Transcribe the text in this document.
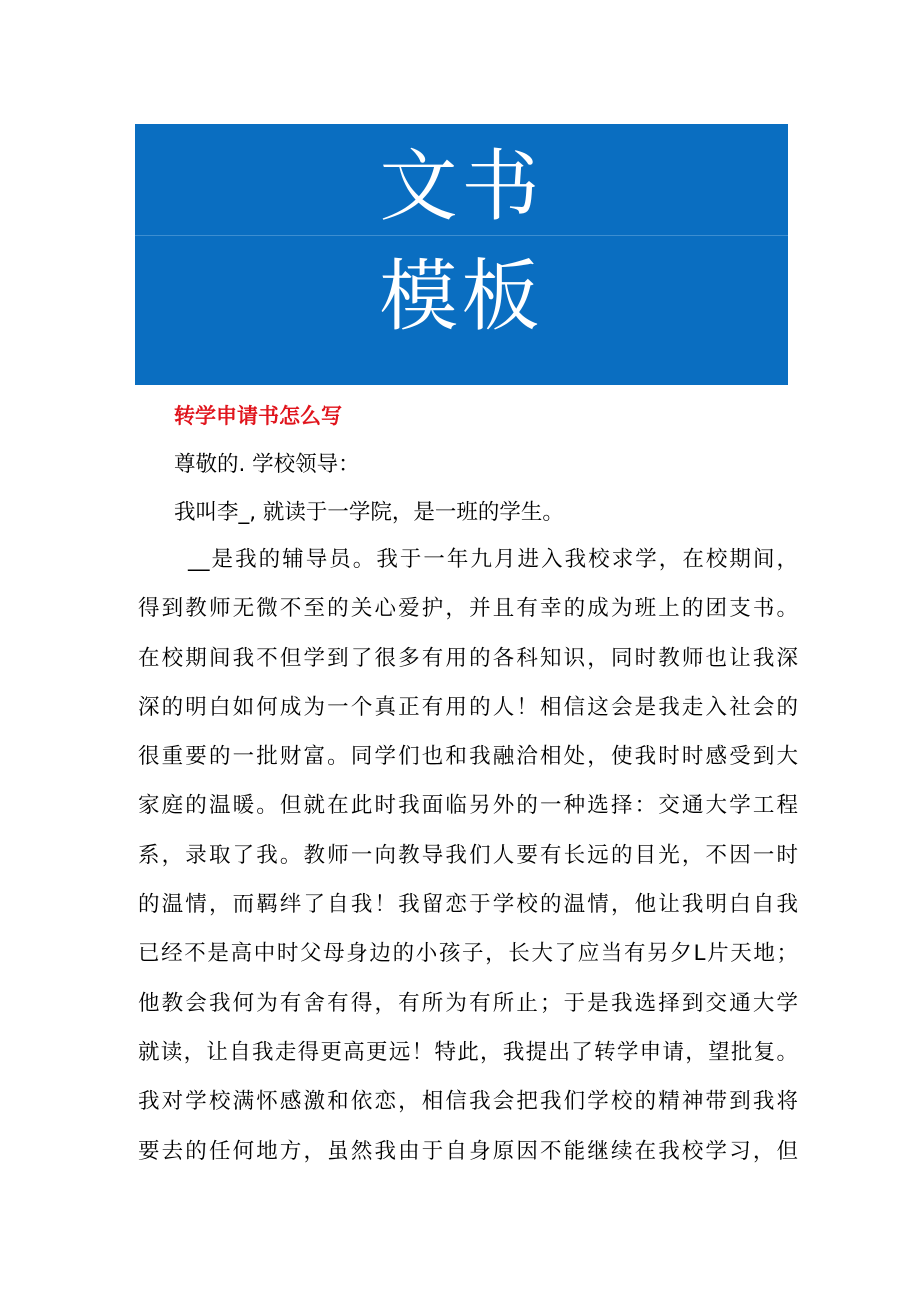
文书
模板
转学申请书怎么写
尊敬的. 学校领导：
我叫李_, 就读于一学院，是一班的学生。
__是我的辅导员。我于一年九月进入我校求学，在校期间，
得到教师无微不至的关心爱护，并且有幸的成为班上的团支书。
在校期间我不但学到了很多有用的各科知识，同时教师也让我深
深的明白如何成为一个真正有用的人！相信这会是我走入社会的
很重要的一批财富。同学们也和我融洽相处，使我时时感受到大
家庭的温暖。但就在此时我面临另外的一种选择：交通大学工程
系，录取了我。教师一向教导我们人要有长远的目光，不因一时
的温情，而羁绊了自我！我留恋于学校的温情，他让我明白自我
已经不是高中时父母身边的小孩子，长大了应当有另夕L片天地；
他教会我何为有舍有得，有所为有所止；于是我选择到交通大学
就读，让自我走得更高更远！特此，我提出了转学申请，望批复。
我对学校满怀感激和依恋，相信我会把我们学校的精神带到我将
要去的任何地方，虽然我由于自身原因不能继续在我校学习，但
